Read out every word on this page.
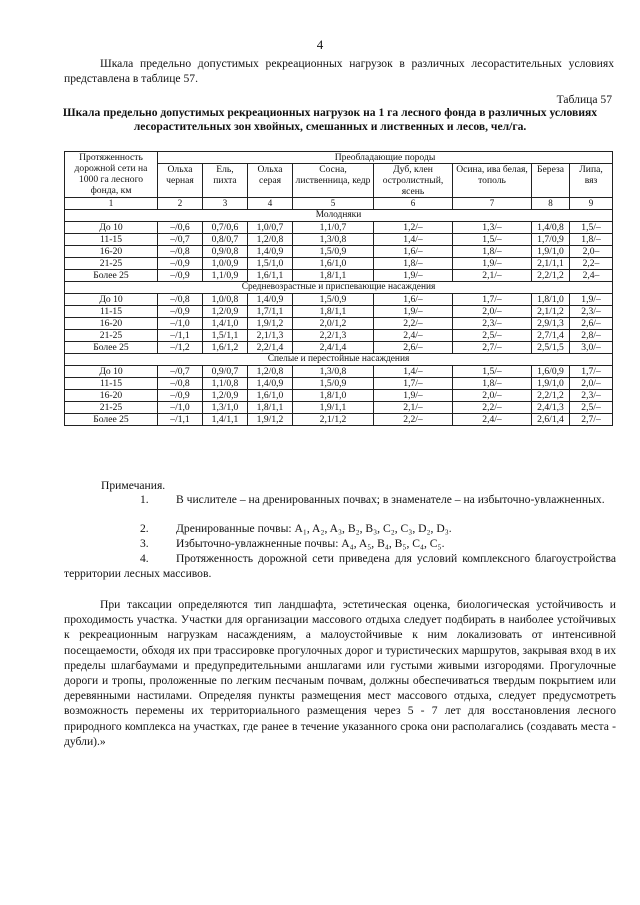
4
Шкала предельно допустимых рекреационных нагрузок в различных лесорастительных условиях представлена в таблице 57.
Таблица 57
Шкала предельно допустимых рекреационных нагрузок на 1 га лесного фонда в различных условиях лесорастительных зон хвойных, смешанных и лиственных и лесов, чел/га.
Протяженность дорожной сети на 1000 га лесного фонда, км	Преобладающие породы							
	Ольха черная	Ель, пихта	Ольха серая	Сосна, лиственница, кедр	Дуб, клен остролистный, ясень	Осина, ива белая, тополь	Береза	Липа, вяз
1	2	3	4	5	6	7	8	9
Молодняки								
До 10	–/0,6	0,7/0,6	1,0/0,7	1,1/0,7	1,2/–	1,3/–	1,4/0,8	1,5/–
11-15	–/0,7	0,8/0,7	1,2/0,8	1,3/0,8	1,4/–	1,5/–	1,7/0,9	1,8/–
16-20	–/0,8	0,9/0,8	1,4/0,9	1,5/0,9	1,6/–	1,8/–	1,9/1,0	2,0–
21-25	–/0,9	1,0/0,9	1,5/1,0	1,6/1,0	1,8/–	1,9/–	2,1/1,1	2,2–
Более 25	–/0,9	1,1/0,9	1,6/1,1	1,8/1,1	1,9/–	2,1/–	2,2/1,2	2,4–
Средневозрастные и приспевающие насаждения								
До 10	–/0,8	1,0/0,8	1,4/0,9	1,5/0,9	1,6/–	1,7/–	1,8/1,0	1,9/–
11-15	–/0,9	1,2/0,9	1,7/1,1	1,8/1,1	1,9/–	2,0/–	2,1/1,2	2,3/–
16-20	–/1,0	1,4/1,0	1,9/1,2	2,0/1,2	2,2/–	2,3/–	2,9/1,3	2,6/–
21-25	–/1,1	1,5/1,1	2,1/1,3	2,2/1,3	2,4/–	2,5/–	2,7/1,4	2,8/–
Более 25	–/1,2	1,6/1,2	2,2/1,4	2,4/1,4	2,6/–	2,7/–	2,5/1,5	3,0/–
Спелые и перестойные насаждения								
До 10	–/0,7	0,9/0,7	1,2/0,8	1,3/0,8	1,4/–	1,5/–	1,6/0,9	1,7/–
11-15	–/0,8	1,1/0,8	1,4/0,9	1,5/0,9	1,7/–	1,8/–	1,9/1,0	2,0/–
16-20	–/0,9	1,2/0,9	1,6/1,0	1,8/1,0	1,9/–	2,0/–	2,2/1,2	2,3/–
21-25	–/1,0	1,3/1,0	1,8/1,1	1,9/1,1	2,1/–	2,2/–	2,4/1,3	2,5/–
Более 25	–/1,1	1,4/1,1	1,9/1,2	2,1/1,2	2,2/–	2,4/–	2,6/1,4	2,7/–
Примечания.
1. В числителе – на дренированных почвах; в знаменателе – на избыточно-увлажненных.
2. Дренированные почвы: A₁, A₂, A₃, B₂, B₃, C₂, C₃, D₂, D₃.
3. Избыточно-увлажненные почвы: A₄, A₅, B₄, B₅, C₄, C₅.
4. Протяженность дорожной сети приведена для условий комплексного благоустройства территории лесных массивов.
При таксации определяются тип ландшафта, эстетическая оценка, биологическая устойчивость и проходимость участка. Участки для организации массового отдыха следует подбирать в наиболее устойчивых к рекреационным нагрузкам насаждениям, а малоустойчивые к ним локализовать от интенсивной посещаемости, обходя их при трассировке прогулочных дорог и туристических маршрутов, закрывая вход в их пределы шлагбаумами и предупредительными аншлагами или густыми живыми изгородями. Прогулочные дороги и тропы, проложенные по легким песчаным почвам, должны обеспечиваться твердым покрытием или деревянными настилами. Определяя пункты размещения мест массового отдыха, следует предусмотреть возможность перемены их территориального размещения через 5 - 7 лет для восстановления лесного природного комплекса на участках, где ранее в течение указанного срока они располагались (создавать места - дубли).»
